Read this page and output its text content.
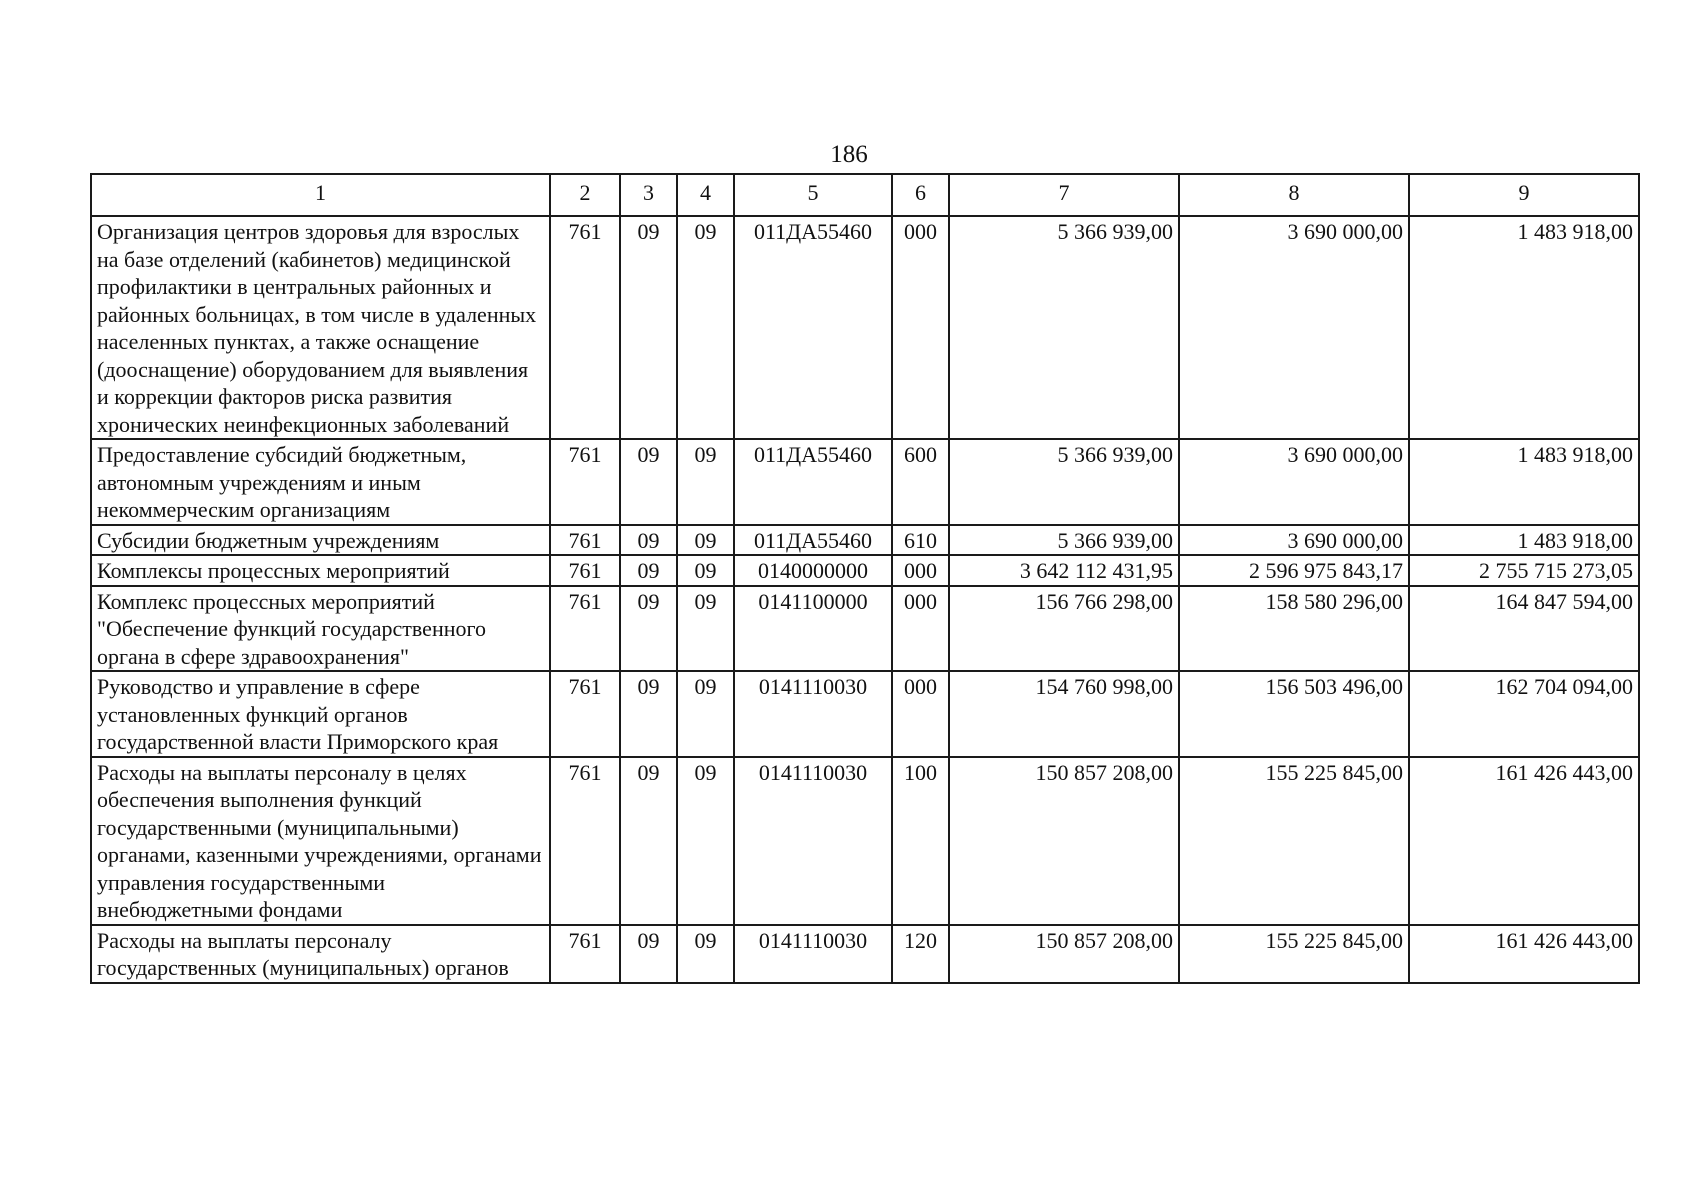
186
1	2	3	4	5	6	7	8	9
Организация центров здоровья для взрослых на базе отделений (кабинетов) медицинской профилактики в центральных районных и районных больницах, в том числе в удаленных населенных пунктах, а также оснащение (дооснащение) оборудованием для выявления и коррекции факторов риска развития хронических неинфекционных заболеваний	761	09	09	011ДА55460	000	5 366 939,00	3 690 000,00	1 483 918,00
Предоставление субсидий бюджетным, автономным учреждениям и иным некоммерческим организациям	761	09	09	011ДА55460	600	5 366 939,00	3 690 000,00	1 483 918,00
Субсидии бюджетным учреждениям	761	09	09	011ДА55460	610	5 366 939,00	3 690 000,00	1 483 918,00
Комплексы процессных мероприятий	761	09	09	0140000000	000	3 642 112 431,95	2 596 975 843,17	2 755 715 273,05
Комплекс процессных мероприятий "Обеспечение функций государственного органа в сфере здравоохранения"	761	09	09	0141100000	000	156 766 298,00	158 580 296,00	164 847 594,00
Руководство и управление в сфере установленных функций органов государственной власти Приморского края	761	09	09	0141110030	000	154 760 998,00	156 503 496,00	162 704 094,00
Расходы на выплаты персоналу в целях обеспечения выполнения функций государственными (муниципальными) органами, казенными учреждениями, органами управления государственными внебюджетными фондами	761	09	09	0141110030	100	150 857 208,00	155 225 845,00	161 426 443,00
Расходы на выплаты персоналу государственных (муниципальных) органов	761	09	09	0141110030	120	150 857 208,00	155 225 845,00	161 426 443,00
